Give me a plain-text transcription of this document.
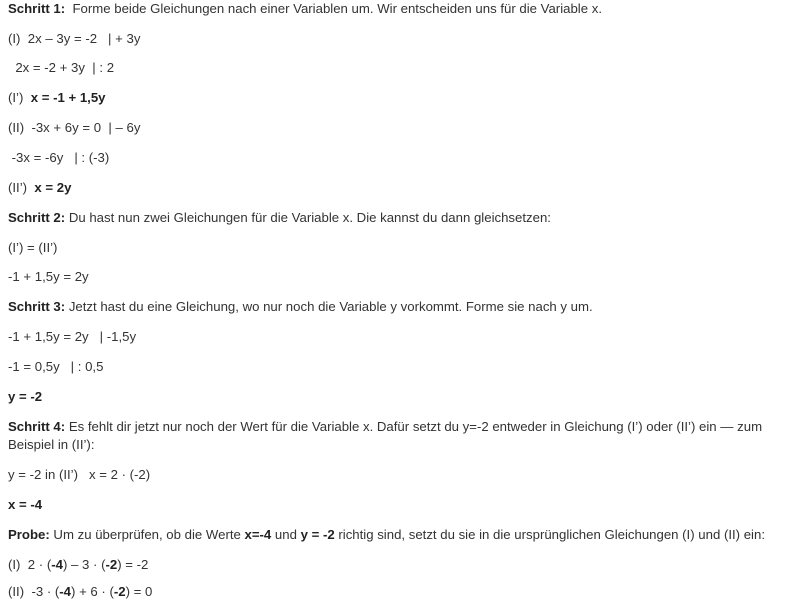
Schritt 1:  Forme beide Gleichungen nach einer Variablen um. Wir entscheiden uns für die Variable x.
(I)  2x – 3y = -2   | + 3y
2x = -2 + 3y  | : 2
(I’)  x = -1 + 1,5y
(II)  -3x + 6y = 0  | – 6y
-3x = -6y   | : (-3)
(II’)  x = 2y
Schritt 2: Du hast nun zwei Gleichungen für die Variable x. Die kannst du dann gleichsetzen:
(I’) = (II’)
-1 + 1,5y = 2y
Schritt 3: Jetzt hast du eine Gleichung, wo nur noch die Variable y vorkommt. Forme sie nach y um.
-1 + 1,5y = 2y   | -1,5y
-1 = 0,5y   | : 0,5
y = -2
Schritt 4: Es fehlt dir jetzt nur noch der Wert für die Variable x. Dafür setzt du y=-2 entweder in Gleichung (I’) oder (II’) ein — zum Beispiel in (II’):
y = -2 in (II’)   x = 2 · (-2)
x = -4
Probe: Um zu überprüfen, ob die Werte x=-4 und y = -2 richtig sind, setzt du sie in die ursprünglichen Gleichungen (I) und (II) ein:
(I)  2 · (-4) – 3 · (-2) = -2
(II)  -3 · (-4) + 6 · (-2) = 0
